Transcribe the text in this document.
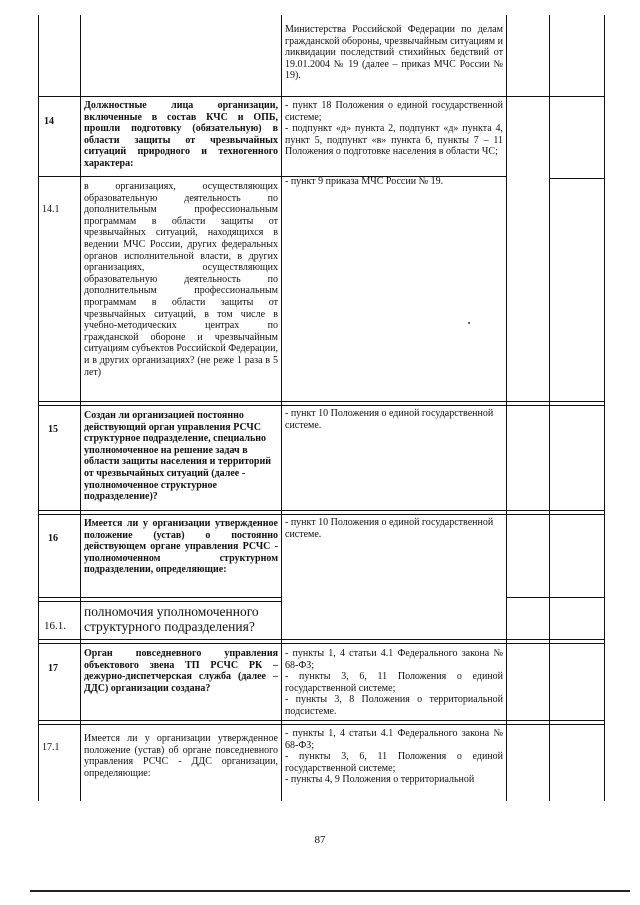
Министерства Российской Федерации по делам гражданской обороны, чрезвычайным ситуациям и ликвидации последствий стихийных бедствий от 19.01.2004 № 19 (далее – приказ МЧС России № 19).
14
Должностные лица организации, включенные в состав КЧС и ОПБ, прошли подготовку (обязательную) в области защиты от чрезвычайных ситуаций природного и техногенного характера:
- пункт 18 Положения о единой государственной системе;
- подпункт «д» пункта 2, подпункт «д» пункта 4, пункт 5, подпункт «в» пункта 6, пункты 7 – 11 Положения о подготовке населения в области ЧС;
14.1
в организациях, осуществляющих образовательную деятельность по дополнительным профессиональным программам в области защиты от чрезвычайных ситуаций, находящихся в ведении МЧС России, других федеральных органов исполнительной власти, в других организациях, осуществляющих образовательную деятельность по дополнительным профессиональным программам в области защиты от чрезвычайных ситуаций, в том числе в учебно-методических центрах по гражданской обороне и чрезвычайным ситуациям субъектов Российской Федерации, и в других организациях? (не реже 1 раза в 5 лет)
- пункт 9 приказа МЧС России № 19.
15
Создан ли организацией постоянно действующий орган управления РСЧС структурное подразделение, специально уполномоченное на решение задач в области защиты населения и территорий от чрезвычайных ситуаций (далее - уполномоченное структурное подразделение)?
- пункт 10 Положения о единой государственной системе.
16
Имеется ли у организации утвержденное положение (устав) о постоянно действующем органе управления РСЧС - уполномоченном структурном подразделении, определяющие:
- пункт 10 Положения о единой государственной системе.
16.1.
полномочия уполномоченного структурного подразделения?
17
Орган повседневного управления объектового звена ТП РСЧС РК – дежурно-диспетчерская служба (далее – ДДС) организации создана?
- пункты 1, 4 статьи 4.1 Федерального закона № 68-ФЗ;
- пункты 3, 6, 11 Положения о единой государственной системе;
- пункты 3, 8 Положения о территориальной подсистеме.
17.1
Имеется ли у организации утвержденное положение (устав) об органе повседневного управления РСЧС - ДДС организации, определяющие:
- пункты 1, 4 статьи 4.1 Федерального закона № 68-ФЗ;
- пункты 3, 6, 11 Положения о единой государственной системе;
- пункты 4, 9 Положения о территориальной
87
